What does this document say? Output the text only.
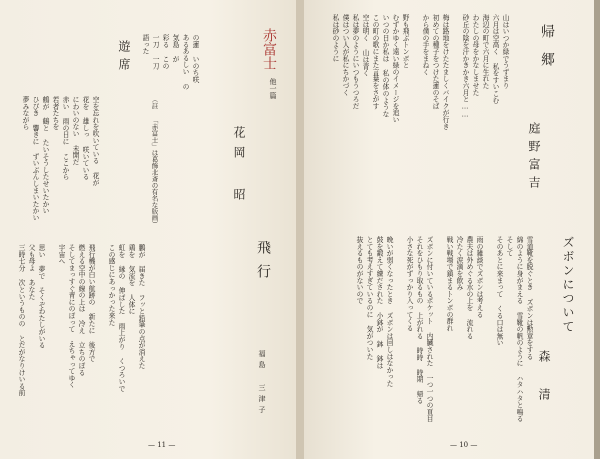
赤富士
他一篇
花岡 昭
の蓮 いのち咲
あるあるしい の
気島 が
彩る この
一刀 一刀
語った
（註 「赤富士」は葛飾北斎の有名な版画）
遊席
空を忘れを吹いている 花が
花を 雄しっ 咲いている
にわいのない 未開だ
赤い 雨の日に ここから
若者たちを
鶴が 鶴と たいそうしたせいたかい
ひびき 響きに ずいぶんしまいたかい
夢みながら
飛行
福島 三津子
鵬が 届きた フッと鉛筆の点が消えた
鶏を 気流を 人体に
虹を 縁の 伸ばした 雨上がり くつろいで
この感じにあっかった来た

飛行機が白い航跡の 新たに 後方で
燃える空中の線の上は 冷え 立ちのぼる
そしてまっすぐ青にのぼって えちゃってゆく
宇宙へ

思い 夢で そくぞわたしがいる
父も母よ あなた
三時七分 次というものの とだがなりけいる前
— 11 —
帰郷
庭野富吉
山はいつか緑でうずまり
六月は空高く 私をすいこむ
海辺の町で六月に生れた
わたしの母をかなしませた
砂丘の陰を汗かきかき六月と……

梅は路地をけたたましくバイクが行き
初めての種子をつけた蓮のそば
から僕の手をまねく

野も飛ぶトンボと
むずかゆく遠い緑のイメージを追い
いつの日か私は 私の体のような
この町の歌にまた言葉をさがす
空は明く 山は青く
私は夢のようにいつもうつろだ
僕はつい人が私にちかづく
私は砂のように
ズボンについて
森 清
雪道靴を脱ぐとき ズボンは勲章をする
綿のように身がまえる 雪靴の帆のように ハタハタと鳴る
そして
そのあとに来まって くる口は無い

雨の雑談でズボンは考える
農夫は外めぐる水の上を 流れる
冷たく涙滴を飲み
戦い戦場で鎮まるトンボの群れ

ズボンに付いているポケット 内臓された 一つ一つの頁目
それをひもり取るもの 上がれる 時時 時期 帰る
小さな死がずっかり入ってくる

晩いが弱くなったとき ズボンは回しはなかった
鼓を鍛えて練だされた 小鉢が 鉢 鉢は
とても考えすぎているのに 気がついた
抜えるものがないので
— 10 —
